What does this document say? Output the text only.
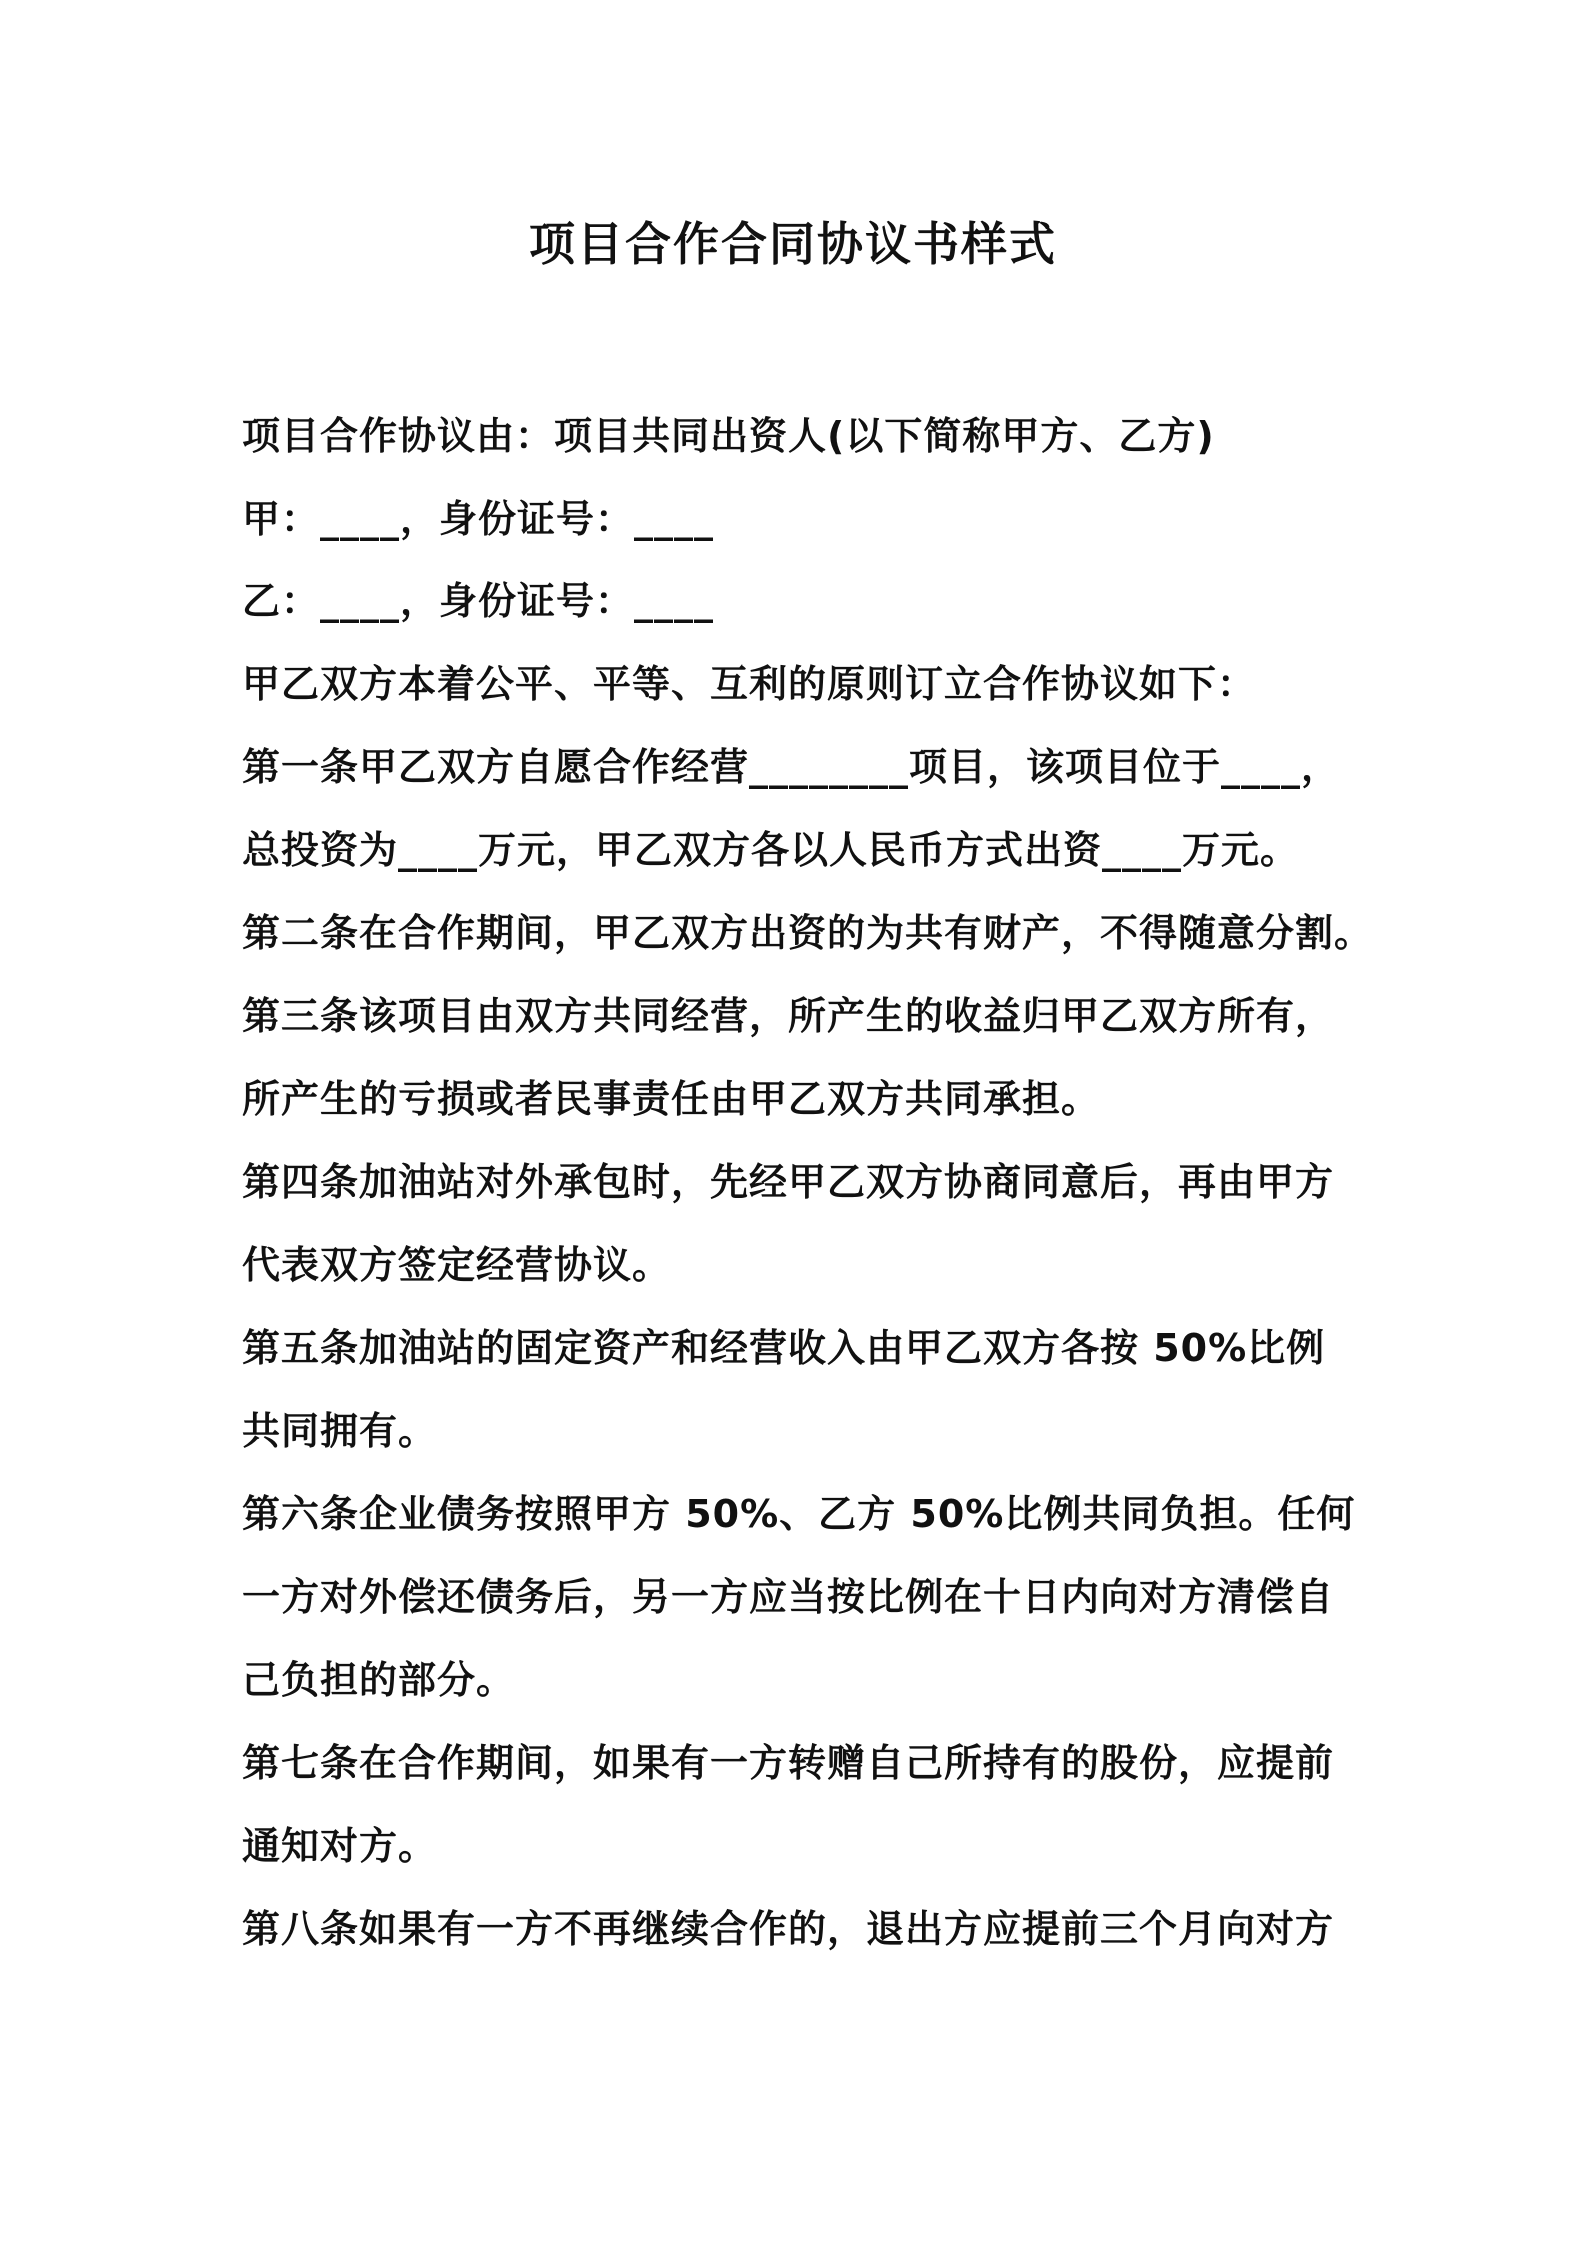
项目合作合同协议书样式
项目合作协议由：项目共同出资人(以下简称甲方、乙方)
甲：____，身份证号：____
乙：____，身份证号：____
甲乙双方本着公平、平等、互利的原则订立合作协议如下：
第一条甲乙双方自愿合作经营________项目，该项目位于____，
总投资为____万元，甲乙双方各以人民币方式出资____万元。
第二条在合作期间，甲乙双方出资的为共有财产，不得随意分割。
第三条该项目由双方共同经营，所产生的收益归甲乙双方所有，
所产生的亏损或者民事责任由甲乙双方共同承担。
第四条加油站对外承包时，先经甲乙双方协商同意后，再由甲方
代表双方签定经营协议。
第五条加油站的固定资产和经营收入由甲乙双方各按 50%比例
共同拥有。
第六条企业债务按照甲方 50%、乙方 50%比例共同负担。任何
一方对外偿还债务后，另一方应当按比例在十日内向对方清偿自
己负担的部分。
第七条在合作期间，如果有一方转赠自己所持有的股份，应提前
通知对方。
第八条如果有一方不再继续合作的，退出方应提前三个月向对方
